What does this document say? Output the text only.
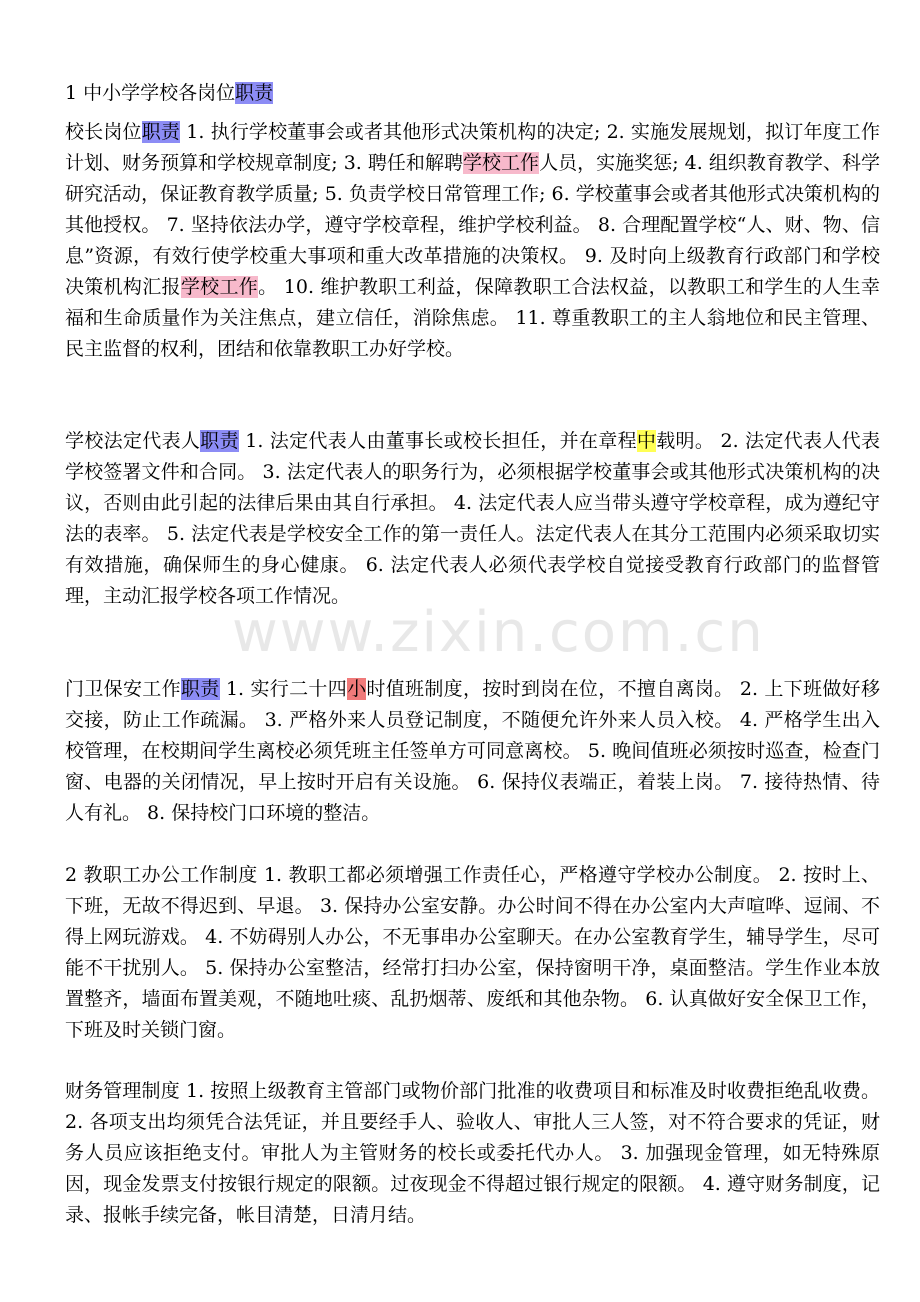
1 中小学学校各岗位职责

校长岗位职责 1. 执行学校董事会或者其他形式决策机构的决定; 2. 实施发展规划，拟订年度工作计划、财务预算和学校规章制度; 3. 聘任和解聘学校工作人员，实施奖惩; 4. 组织教育教学、科学研究活动，保证教育教学质量; 5. 负责学校日常管理工作; 6. 学校董事会或者其他形式决策机构的其他授权。 7. 坚持依法办学，遵守学校章程，维护学校利益。 8. 合理配置学校“人、财、物、信息”资源，有效行使学校重大事项和重大改革措施的决策权。 9. 及时向上级教育行政部门和学校决策机构汇报学校工作。 10. 维护教职工利益，保障教职工合法权益，以教职工和学生的人生幸福和生命质量作为关注焦点，建立信任，消除焦虑。 11. 尊重教职工的主人翁地位和民主管理、民主监督的权利，团结和依靠教职工办好学校。

学校法定代表人职责 1. 法定代表人由董事长或校长担任，并在章程中载明。 2. 法定代表人代表学校签署文件和合同。 3. 法定代表人的职务行为，必须根据学校董事会或其他形式决策机构的决议，否则由此引起的法律后果由其自行承担。 4. 法定代表人应当带头遵守学校章程，成为遵纪守法的表率。 5. 法定代表是学校安全工作的第一责任人。法定代表人在其分工范围内必须采取切实有效措施，确保师生的身心健康。 6. 法定代表人必须代表学校自觉接受教育行政部门的监督管理，主动汇报学校各项工作情况。

www.zixin.com.cn

门卫保安工作职责 1. 实行二十四小时值班制度，按时到岗在位，不擅自离岗。 2. 上下班做好移交接，防止工作疏漏。 3. 严格外来人员登记制度，不随便允许外来人员入校。 4. 严格学生出入校管理，在校期间学生离校必须凭班主任签单方可同意离校。 5. 晚间值班必须按时巡查，检查门窗、电器的关闭情况，早上按时开启有关设施。 6. 保持仪表端正，着装上岗。 7. 接待热情、待人有礼。 8. 保持校门口环境的整洁。

2 教职工办公工作制度 1. 教职工都必须增强工作责任心，严格遵守学校办公制度。 2. 按时上、下班，无故不得迟到、早退。 3. 保持办公室安静。办公时间不得在办公室内大声喧哗、逗闹、不得上网玩游戏。 4. 不妨碍别人办公，不无事串办公室聊天。在办公室教育学生，辅导学生，尽可能不干扰别人。 5. 保持办公室整洁，经常打扫办公室，保持窗明干净，桌面整洁。学生作业本放置整齐，墙面布置美观，不随地吐痰、乱扔烟蒂、废纸和其他杂物。 6. 认真做好安全保卫工作，下班及时关锁门窗。

财务管理制度 1. 按照上级教育主管部门或物价部门批准的收费项目和标准及时收费拒绝乱收费。 2. 各项支出均须凭合法凭证，并且要经手人、验收人、审批人三人签，对不符合要求的凭证，财务人员应该拒绝支付。审批人为主管财务的校长或委托代办人。 3. 加强现金管理，如无特殊原因，现金发票支付按银行规定的限额。过夜现金不得超过银行规定的限额。 4. 遵守财务制度，记录、报帐手续完备，帐目清楚，日清月结。
